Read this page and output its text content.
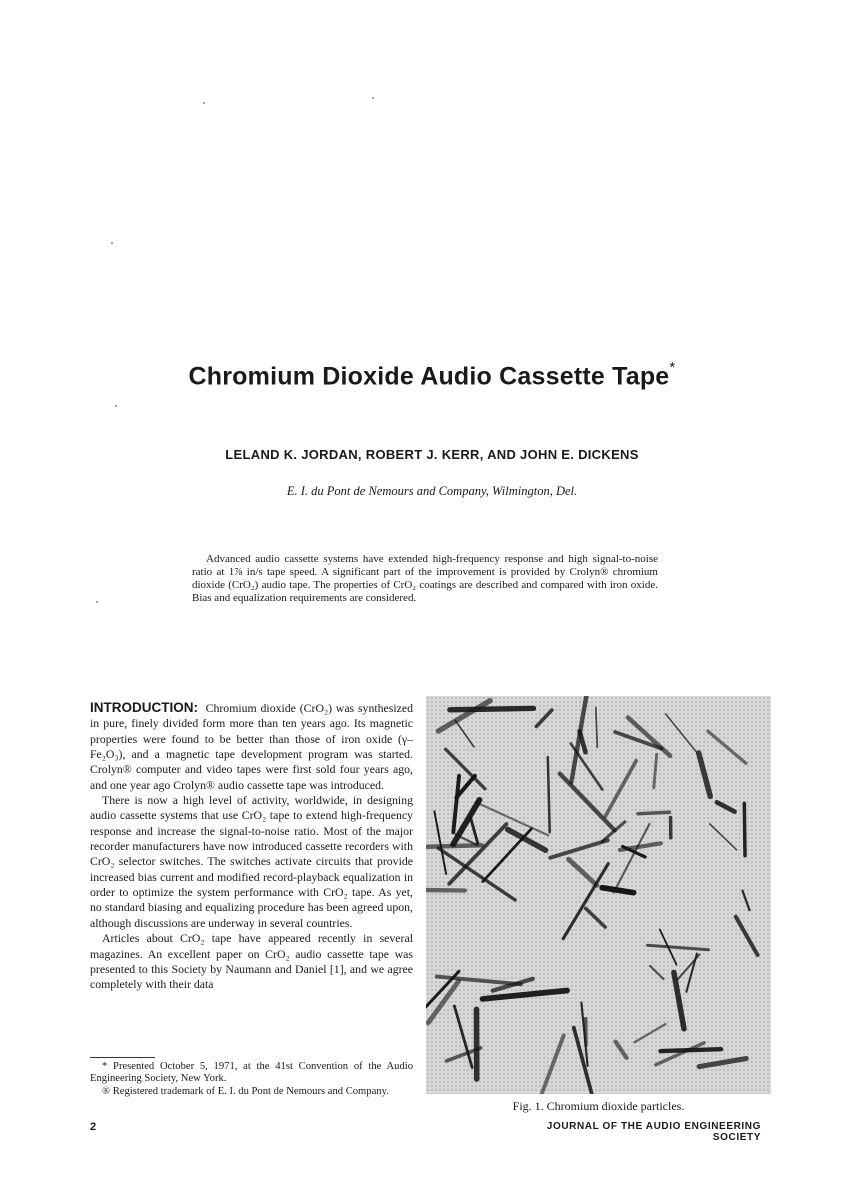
Chromium Dioxide Audio Cassette Tape*
LELAND K. JORDAN, ROBERT J. KERR, AND JOHN E. DICKENS
E. I. du Pont de Nemours and Company, Wilmington, Del.

Advanced audio cassette systems have extended high-frequency response and high signal-to-noise ratio at 1⅞ in/s tape speed. A significant part of the improvement is provided by Crolyn® chromium dioxide (CrO₂) audio tape. The properties of CrO₂ coatings are described and compared with iron oxide. Bias and equalization requirements are considered.

INTRODUCTION: Chromium dioxide (CrO₂) was synthesized in pure, finely divided form more than ten years ago. Its magnetic properties were found to be better than those of iron oxide (γ–Fe₂O₃), and a magnetic tape development program was started. Crolyn® computer and video tapes were first sold four years ago, and one year ago Crolyn® audio cassette tape was introduced.

There is now a high level of activity, worldwide, in designing audio cassette systems that use CrO₂ tape to extend high-frequency response and increase the signal-to-noise ratio. Most of the major recorder manufacturers have now introduced cassette recorders with CrO₂ selector switches. The switches activate circuits that provide increased bias current and modified record-playback equalization in order to optimize the system performance with CrO₂ tape. As yet, no standard biasing and equalizing procedure has been agreed upon, although discussions are underway in several countries.

Articles about CrO₂ tape have appeared recently in several magazines. An excellent paper on CrO₂ audio cassette tape was presented to this Society by Naumann and Daniel [1], and we agree completely with their data

* Presented October 5, 1971, at the 41st Convention of the Audio Engineering Society, New York.

® Registered trademark of E. I. du Pont de Nemours and Company.

Fig. 1. Chromium dioxide particles.
2	JOURNAL OF THE AUDIO ENGINEERING SOCIETY
